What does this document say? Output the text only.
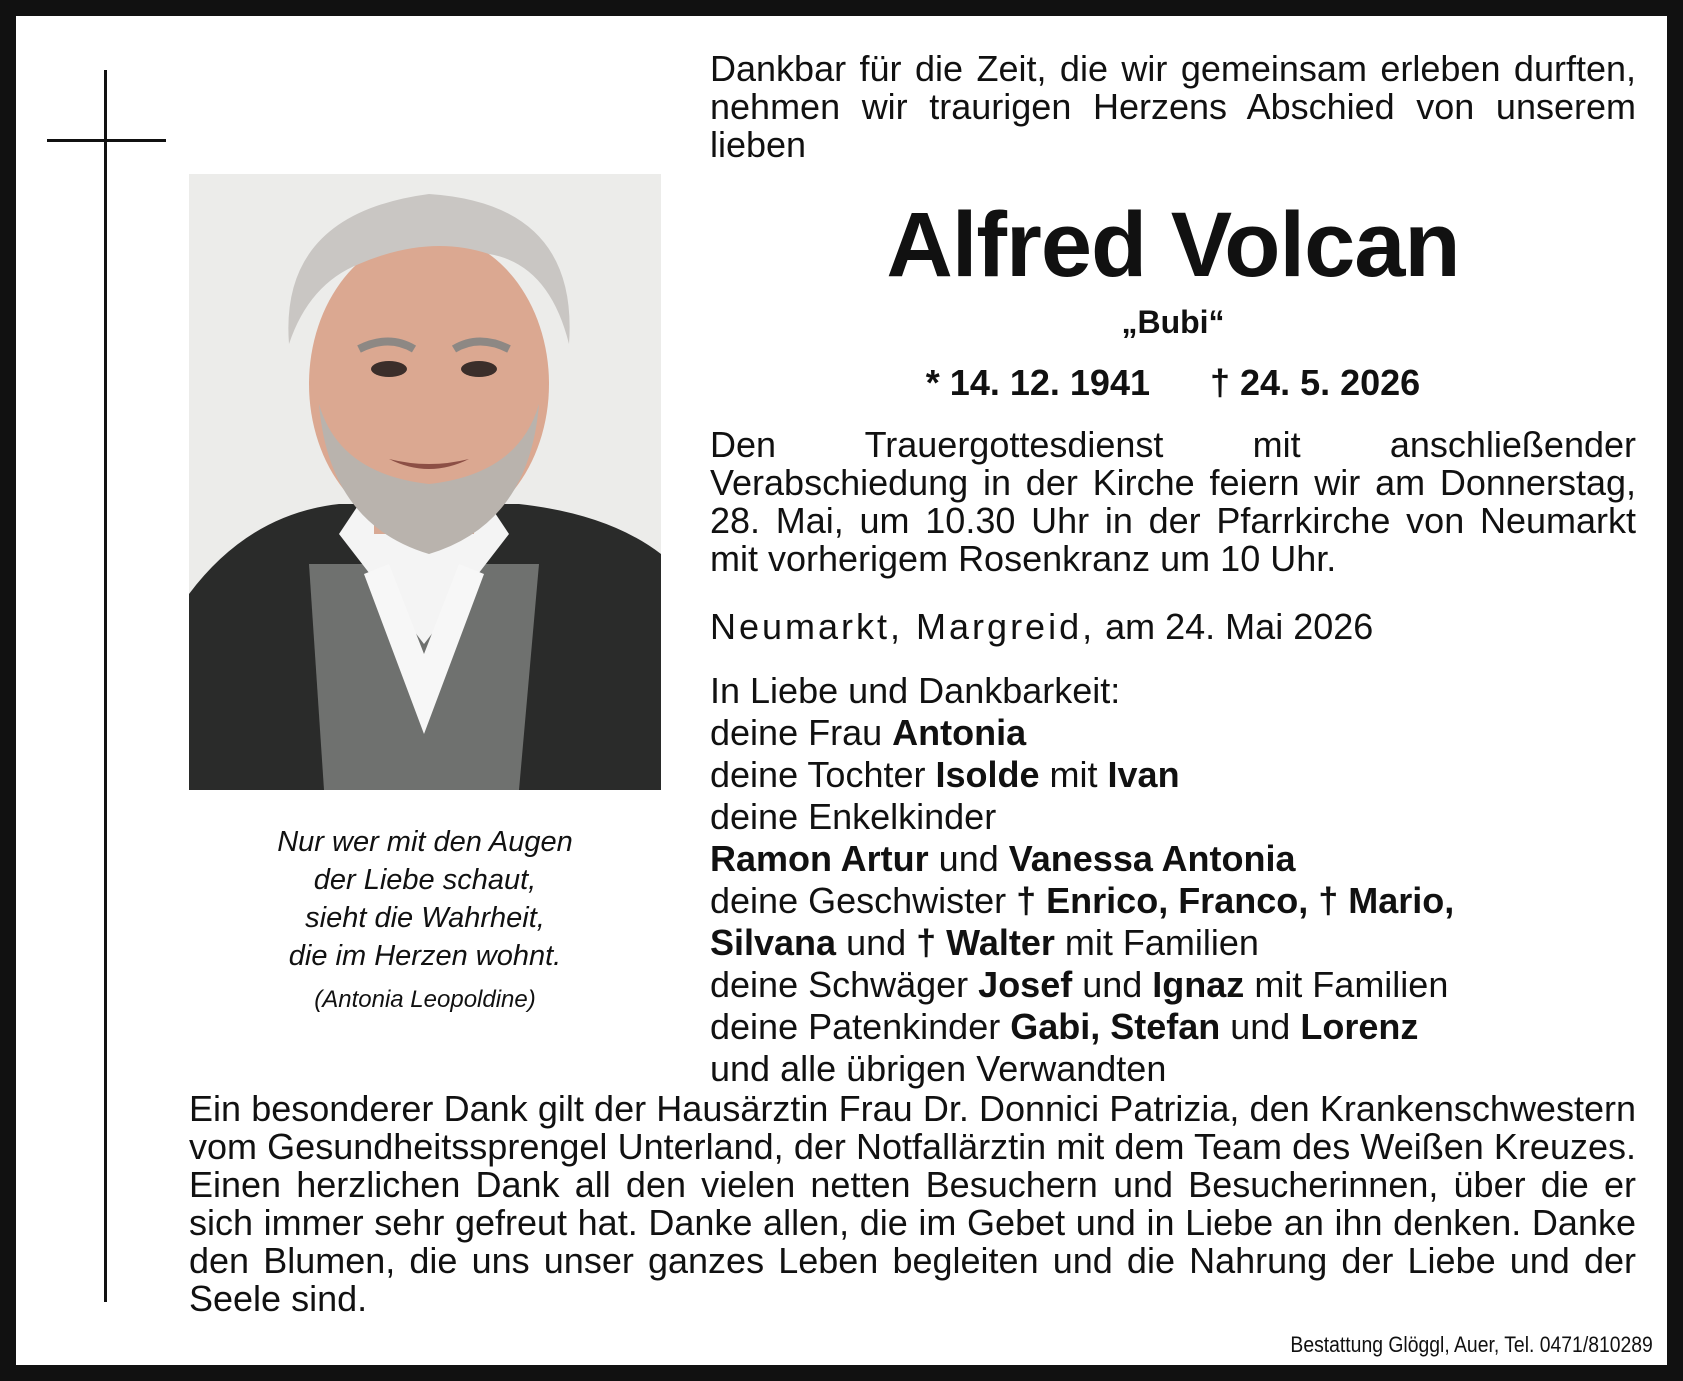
Nur wer mit den Augen
der Liebe schaut,
sieht die Wahrheit,
die im Herzen wohnt.
(Antonia Leopoldine)
Dankbar für die Zeit, die wir gemeinsam erleben durften, nehmen wir traurigen Herzens Abschied von unserem lieben
Alfred Volcan
„Bubi“
* 14. 12. 1941 † 24. 5. 2026
Den Trauergottesdienst mit anschließender Verabschiedung in der Kirche feiern wir am Donnerstag, 28. Mai, um 10.30 Uhr in der Pfarrkirche von Neumarkt mit vorherigem Rosenkranz um 10 Uhr.
Neumarkt, Margreid, am 24. Mai 2026
In Liebe und Dankbarkeit:
deine Frau Antonia
deine Tochter Isolde mit Ivan
deine Enkelkinder
Ramon Artur und Vanessa Antonia
deine Geschwister † Enrico, Franco, † Mario,
Silvana und † Walter mit Familien
deine Schwäger Josef und Ignaz mit Familien
deine Patenkinder Gabi, Stefan und Lorenz
und alle übrigen Verwandten
Ein besonderer Dank gilt der Hausärztin Frau Dr. Donnici Patrizia, den Krankenschwestern vom Gesundheitssprengel Unterland, der Notfallärztin mit dem Team des Weißen Kreuzes. Einen herzlichen Dank all den vielen netten Besuchern und Besucherinnen, über die er sich immer sehr gefreut hat. Danke allen, die im Gebet und in Liebe an ihn denken. Danke den Blumen, die uns unser ganzes Leben begleiten und die Nahrung der Liebe und der Seele sind.
Bestattung Glöggl, Auer, Tel. 0471/810289
